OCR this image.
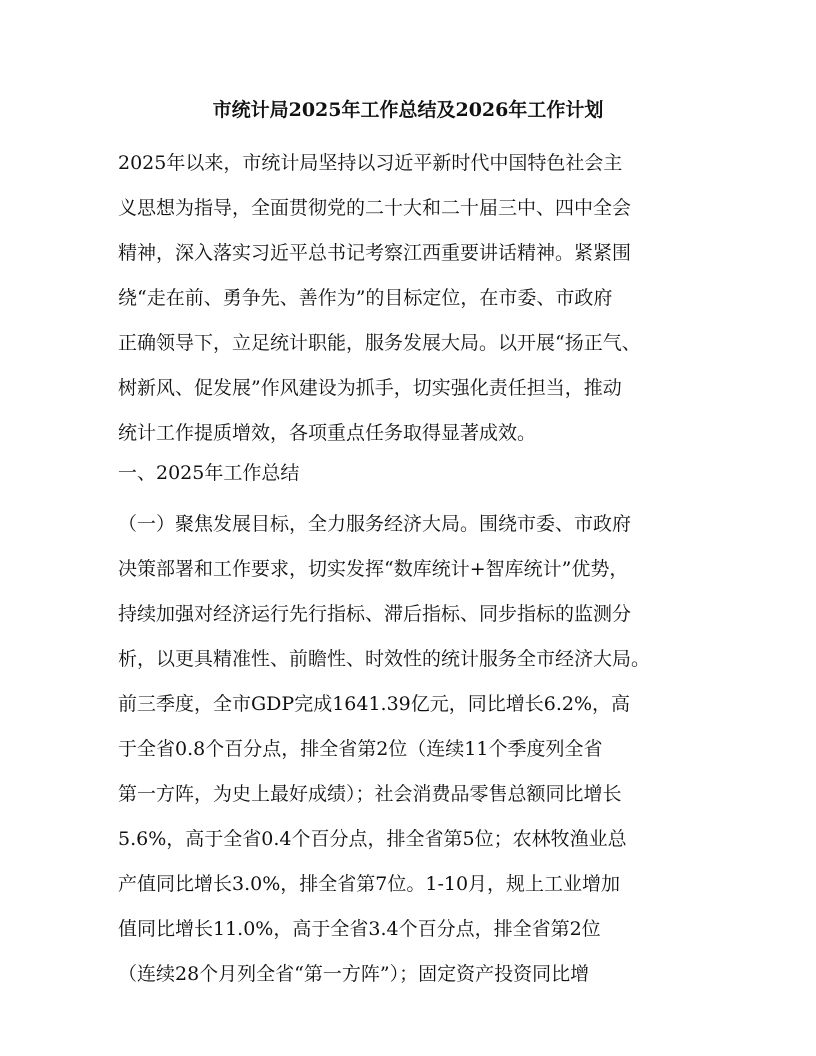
市统计局2025年工作总结及2026年工作计划
2025年以来，市统计局坚持以习近平新时代中国特色社会主
义思想为指导，全面贯彻党的二十大和二十届三中、四中全会
精神，深入落实习近平总书记考察江西重要讲话精神。紧紧围
绕“走在前、勇争先、善作为”的目标定位，在市委、市政府
正确领导下，立足统计职能，服务发展大局。以开展“扬正气、
树新风、促发展”作风建设为抓手，切实强化责任担当，推动
统计工作提质增效，各项重点任务取得显著成效。
一、2025年工作总结
（一）聚焦发展目标，全力服务经济大局。围绕市委、市政府
决策部署和工作要求，切实发挥“数库统计+智库统计”优势，
持续加强对经济运行先行指标、滞后指标、同步指标的监测分
析，以更具精准性、前瞻性、时效性的统计服务全市经济大局。
前三季度，全市GDP完成1641.39亿元，同比增长6.2%，高
于全省0.8个百分点，排全省第2位（连续11个季度列全省
第一方阵，为史上最好成绩）；社会消费品零售总额同比增长
5.6%，高于全省0.4个百分点，排全省第5位；农林牧渔业总
产值同比增长3.0%，排全省第7位。1-10月，规上工业增加
值同比增长11.0%，高于全省3.4个百分点，排全省第2位
（连续28个月列全省“第一方阵”）；固定资产投资同比增
